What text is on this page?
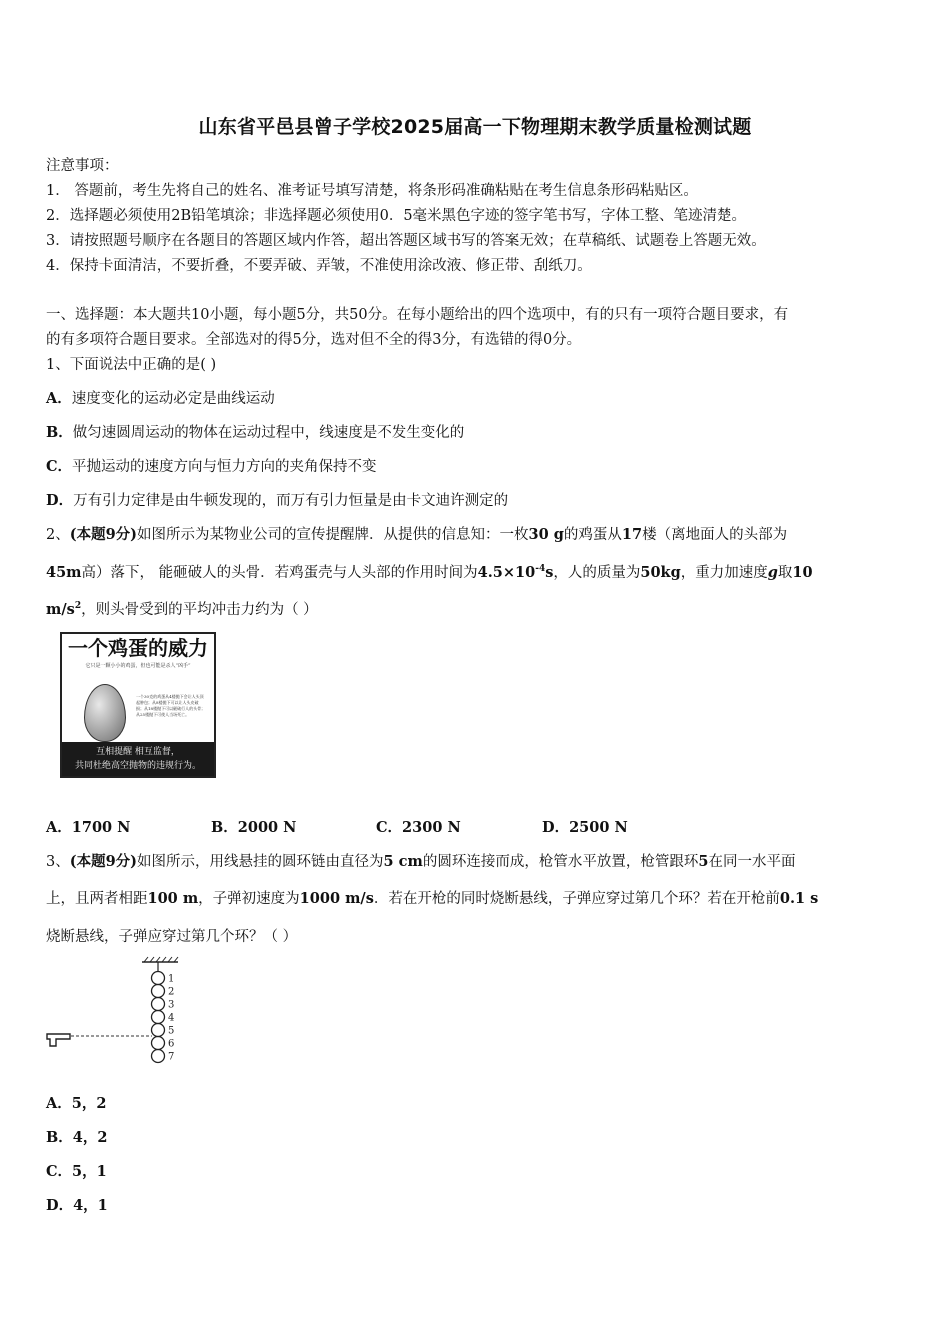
山东省平邑县曾子学校2025届高一下物理期末教学质量检测试题
注意事项：
1． 答题前，考生先将自己的姓名、准考证号填写清楚，将条形码准确粘贴在考生信息条形码粘贴区。
2．选择题必须使用2B铅笔填涂；非选择题必须使用0．5毫米黑色字迹的签字笔书写，字体工整、笔迹清楚。
3．请按照题号顺序在各题目的答题区域内作答，超出答题区域书写的答案无效；在草稿纸、试题卷上答题无效。
4．保持卡面清洁，不要折叠，不要弄破、弄皱，不准使用涂改液、修正带、刮纸刀。
一、选择题：本大题共10小题，每小题5分，共50分。在每小题给出的四个选项中，有的只有一项符合题目要求，有
的有多项符合题目要求。全部选对的得5分，选对但不全的得3分，有选错的得0分。
1、下面说法中正确的是( )
A．速度变化的运动必定是曲线运动
B．做匀速圆周运动的物体在运动过程中，线速度是不发生变化的
C．平抛运动的速度方向与恒力方向的夹角保持不变
D．万有引力定律是由牛顿发现的，而万有引力恒量是由卡文迪许测定的
2、(本题9分)如图所示为某物业公司的宣传提醒牌．从提供的信息知：一枚30 g的鸡蛋从17楼（离地面人的头部为
45m高）落下， 能砸破人的头骨．若鸡蛋壳与人头部的作用时间为$4.5\times 10^{-4}s$，人的质量为50kg，重力加速度g取10
$m/s^2$，则头骨受到的平均冲击力约为（ ）
一个鸡蛋的威力
它只是一颗小小的鸡蛋，但也可能是杀人“凶手”
一个30克的鸡蛋从4楼抛下会让人头顶起肿包；从8楼抛下可以让人头皮破损；从18楼抛下可以砸破行人的头骨；从25楼抛下可使人当场死亡。
互相提醒 相互监督，
共同杜绝高空抛物的违规行为。
A．1700 N	B．2000 N	C．2300 N	D．2500 N
3、(本题9分)如图所示，用线悬挂的圆环链由直径为5 cm的圆环连接而成，枪管水平放置，枪管跟环5在同一水平面
上，且两者相距100 m，子弹初速度为1000 m/s．若在开枪的同时烧断悬线，子弹应穿过第几个环？若在开枪前0.1 s
烧断悬线，子弹应穿过第几个环？（ ）
1
2
3
4
5
6
7
A．5，2
B．4，2
C．5，1
D．4，1
